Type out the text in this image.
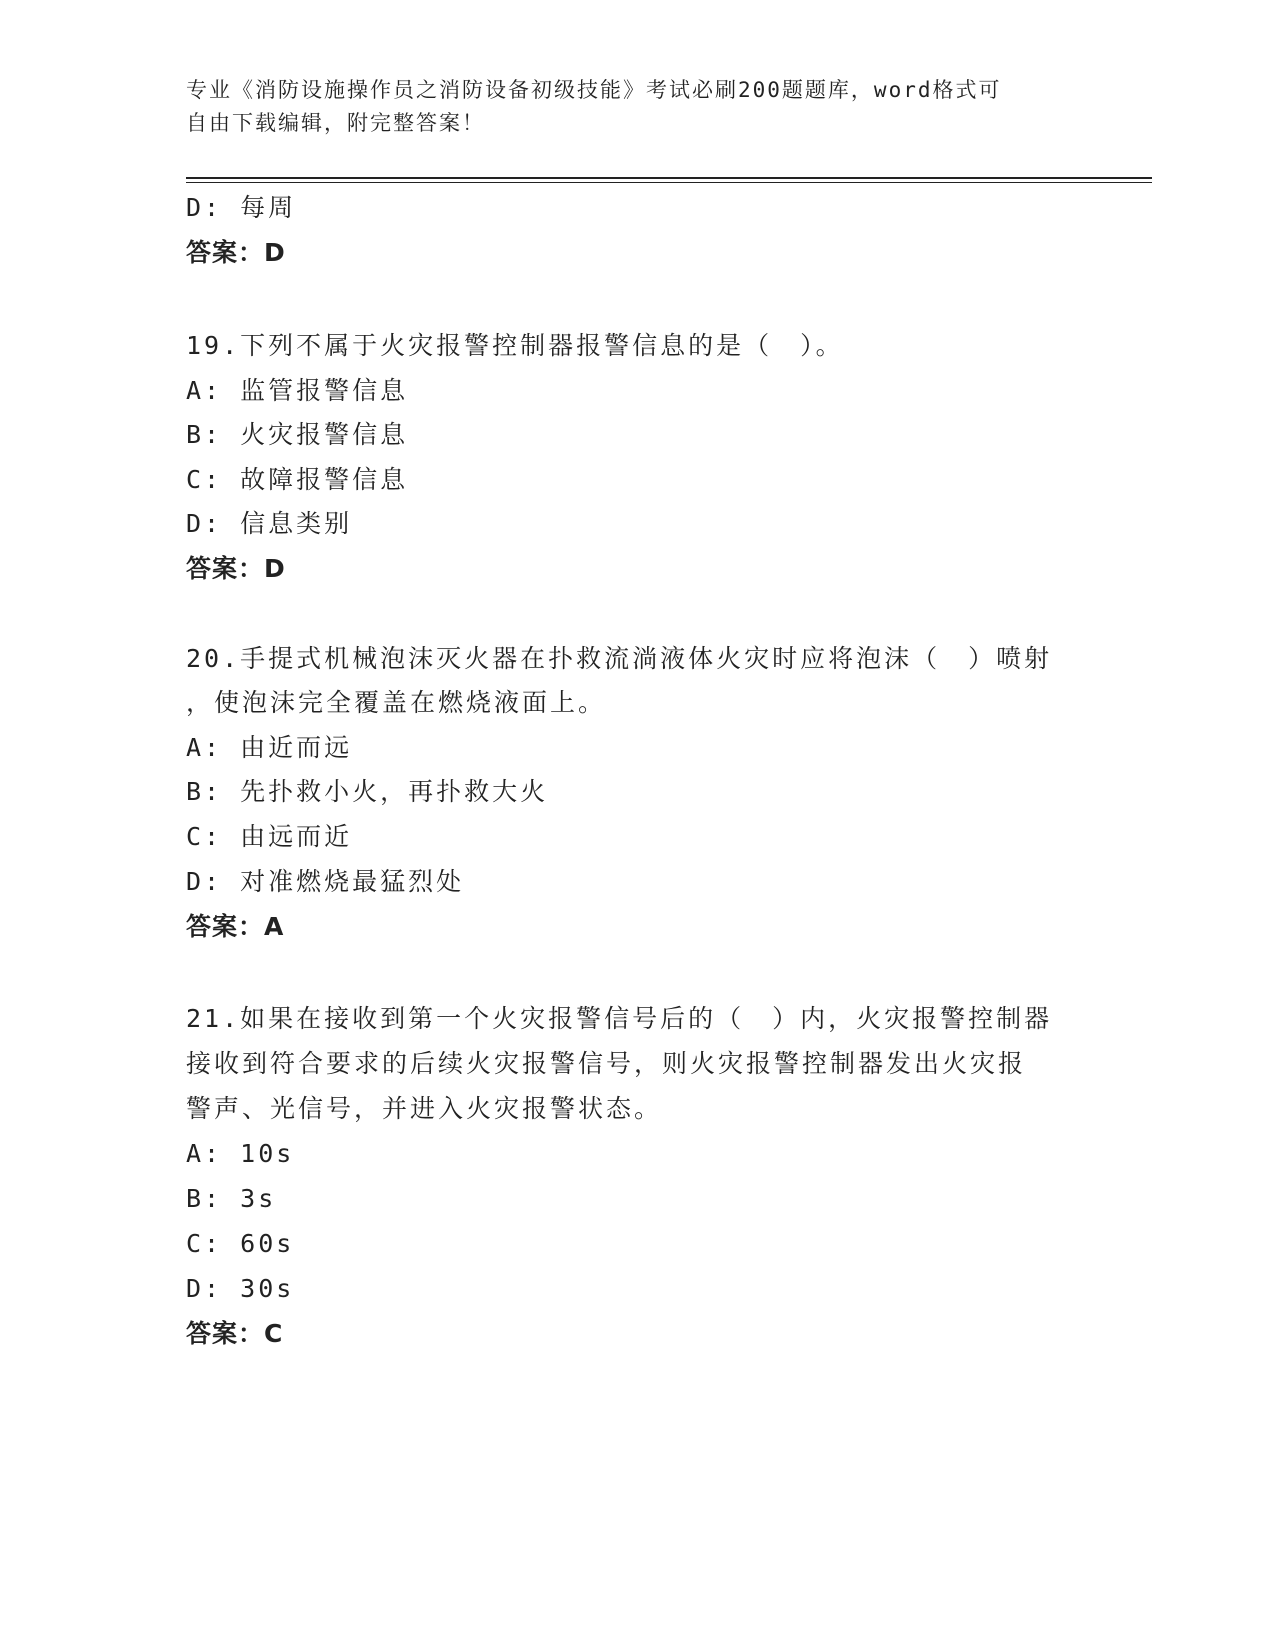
专业《消防设施操作员之消防设备初级技能》考试必刷200题题库，word格式可
自由下载编辑，附完整答案！
D: 每周
答案：D
19.下列不属于火灾报警控制器报警信息的是（　）。
A: 监管报警信息
B: 火灾报警信息
C: 故障报警信息
D: 信息类别
答案：D
20.手提式机械泡沫灭火器在扑救流淌液体火灾时应将泡沫（　）喷射
，使泡沫完全覆盖在燃烧液面上。
A: 由近而远
B: 先扑救小火，再扑救大火
C: 由远而近
D: 对准燃烧最猛烈处
答案：A
21.如果在接收到第一个火灾报警信号后的（　）内，火灾报警控制器
接收到符合要求的后续火灾报警信号，则火灾报警控制器发出火灾报
警声、光信号，并进入火灾报警状态。
A: 10s
B: 3s
C: 60s
D: 30s
答案：C
